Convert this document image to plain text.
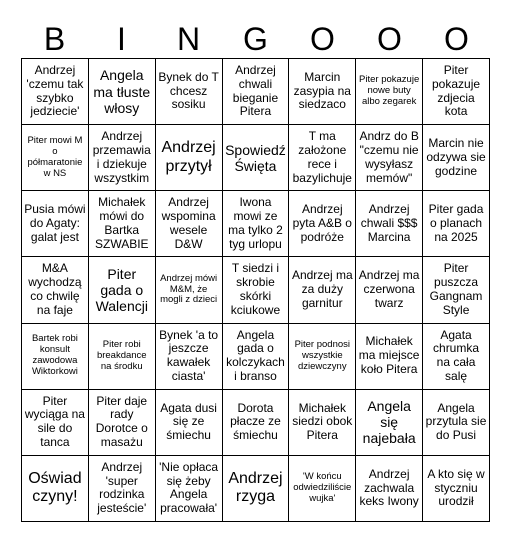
B	I	N	G	O	O	O
Andrzej 'czemu tak szybko jedziecie'	Angela ma tłuste włosy	Bynek do T chcesz sosiku	Andrzej chwali bieganie Pitera	Marcin zasypia na siedzaco	Piter pokazuje nowe buty albo zegarek	Piter pokazuje zdjecia kota
Piter mowi M o półmaratonie w NS	Andrzej przemawia i dziekuje wszystkim	Andrzej przytył	Spowiedź Święta	T ma założone rece i bazylichuje	Andrz do B "czemu nie wysyłasz memów"	Marcin nie odzywa sie godzine
Pusia mówi do Agaty: galat jest	Michałek mówi do Bartka SZWABIE	Andrzej wspomina wesele D&W	Iwona mowi ze ma tylko 2 tyg urlopu	Andrzej pyta A&B o podróże	Andrzej chwali $$$ Marcina	Piter gada o planach na 2025
M&A wychodzą co chwilę na faje	Piter gada o Walencji	Andrzej mówi M&M, że mogli z dzieci	T siedzi i skrobie skórki kciukowe	Andrzej ma za duży garnitur	Andrzej ma czerwona twarz	Piter puszcza Gangnam Style
Bartek robi konsult zawodowa Wiktorkowi	Piter robi breakdance na środku	Bynek 'a to jeszcze kawałek ciasta'	Angela gada o kolczykach i branso	Piter podnosi wszystkie dziewczyny	Michałek ma miejsce koło Pitera	Agata chrumka na cała salę
Piter wyciąga na sile do tanca	Piter daje rady Dorotce o masażu	Agata dusi się ze śmiechu	Dorota płacze ze śmiechu	Michałek siedzi obok Pitera	Angela się najebała	Angela przytula sie do Pusi
Oświad czyny!	Andrzej 'super rodzinka jesteście'	'Nie opłaca się żeby Angela pracowała'	Andrzej rzyga	'W końcu odwiedziliście wujka'	Andrzej zachwala keks Iwony	A kto się w styczniu urodził
